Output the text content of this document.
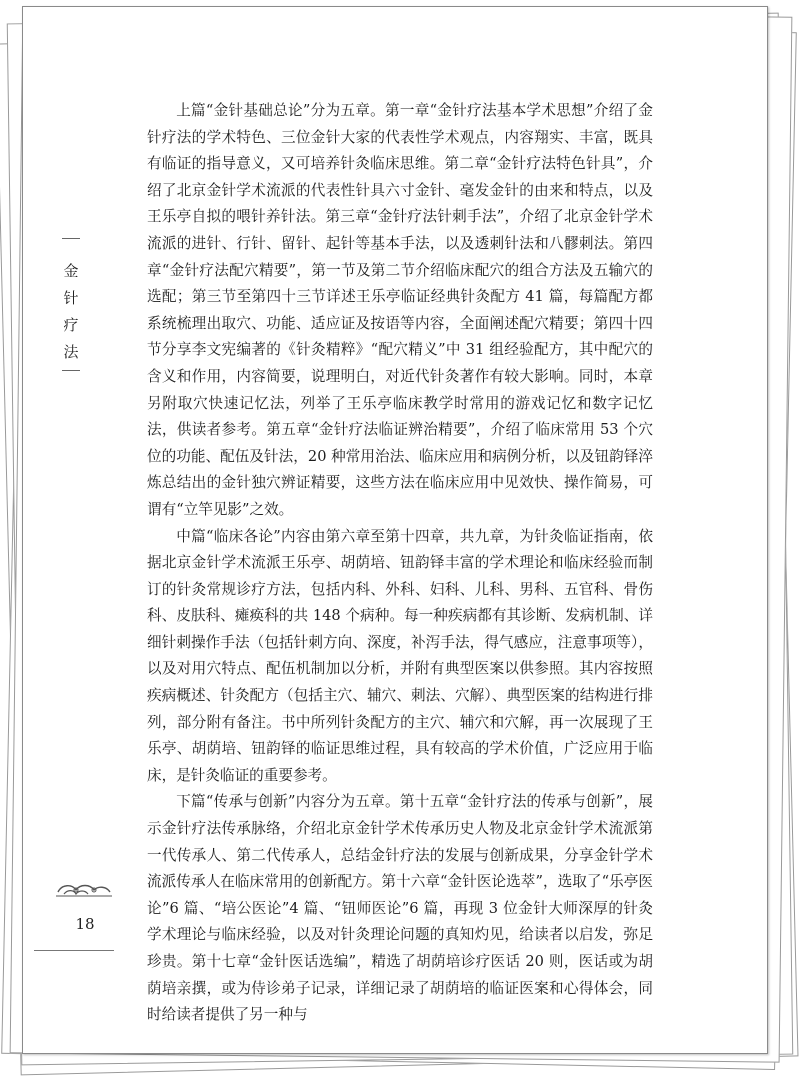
金
针
疗
法
18

上篇“金针基础总论”分为五章。第一章“金针疗法基本学术思想”介绍了金针疗法的学术特色、三位金针大家的代表性学术观点，内容翔实、丰富，既具有临证的指导意义，又可培养针灸临床思维。第二章“金针疗法特色针具”，介绍了北京金针学术流派的代表性针具六寸金针、毫发金针的由来和特点，以及王乐亭自拟的喂针养针法。第三章“金针疗法针刺手法”，介绍了北京金针学术流派的进针、行针、留针、起针等基本手法，以及透刺针法和八髎刺法。第四章“金针疗法配穴精要”，第一节及第二节介绍临床配穴的组合方法及五输穴的选配；第三节至第四十三节详述王乐亭临证经典针灸配方 41 篇，每篇配方都系统梳理出取穴、功能、适应证及按语等内容，全面阐述配穴精要；第四十四节分享李文宪编著的《针灸精粹》“配穴精义”中 31 组经验配方，其中配穴的含义和作用，内容简要，说理明白，对近代针灸著作有较大影响。同时，本章另附取穴快速记忆法，列举了王乐亭临床教学时常用的游戏记忆和数字记忆法，供读者参考。第五章“金针疗法临证辨治精要”，介绍了临床常用 53 个穴位的功能、配伍及针法，20 种常用治法、临床应用和病例分析，以及钮韵铎淬炼总结出的金针独穴辨证精要，这些方法在临床应用中见效快、操作简易，可谓有“立竿见影”之效。

中篇“临床各论”内容由第六章至第十四章，共九章，为针灸临证指南，依据北京金针学术流派王乐亭、胡荫培、钮韵铎丰富的学术理论和临床经验而制订的针灸常规诊疗方法，包括内科、外科、妇科、儿科、男科、五官科、骨伤科、皮肤科、瘫痪科的共 148 个病种。每一种疾病都有其诊断、发病机制、详细针刺操作手法（包括针刺方向、深度，补泻手法，得气感应，注意事项等），以及对用穴特点、配伍机制加以分析，并附有典型医案以供参照。其内容按照疾病概述、针灸配方（包括主穴、辅穴、刺法、穴解）、典型医案的结构进行排列，部分附有备注。书中所列针灸配方的主穴、辅穴和穴解，再一次展现了王乐亭、胡荫培、钮韵铎的临证思维过程，具有较高的学术价值，广泛应用于临床，是针灸临证的重要参考。

下篇“传承与创新”内容分为五章。第十五章“金针疗法的传承与创新”，展示金针疗法传承脉络，介绍北京金针学术传承历史人物及北京金针学术流派第一代传承人、第二代传承人，总结金针疗法的发展与创新成果，分享金针学术流派传承人在临床常用的创新配方。第十六章“金针医论选萃”，选取了“乐亭医论”6 篇、“培公医论”4 篇、“钮师医论”6 篇，再现 3 位金针大师深厚的针灸学术理论与临床经验，以及对针灸理论问题的真知灼见，给读者以启发，弥足珍贵。第十七章“金针医话选编”，精选了胡荫培诊疗医话 20 则，医话或为胡荫培亲撰，或为侍诊弟子记录，详细记录了胡荫培的临证医案和心得体会，同时给读者提供了另一种与
